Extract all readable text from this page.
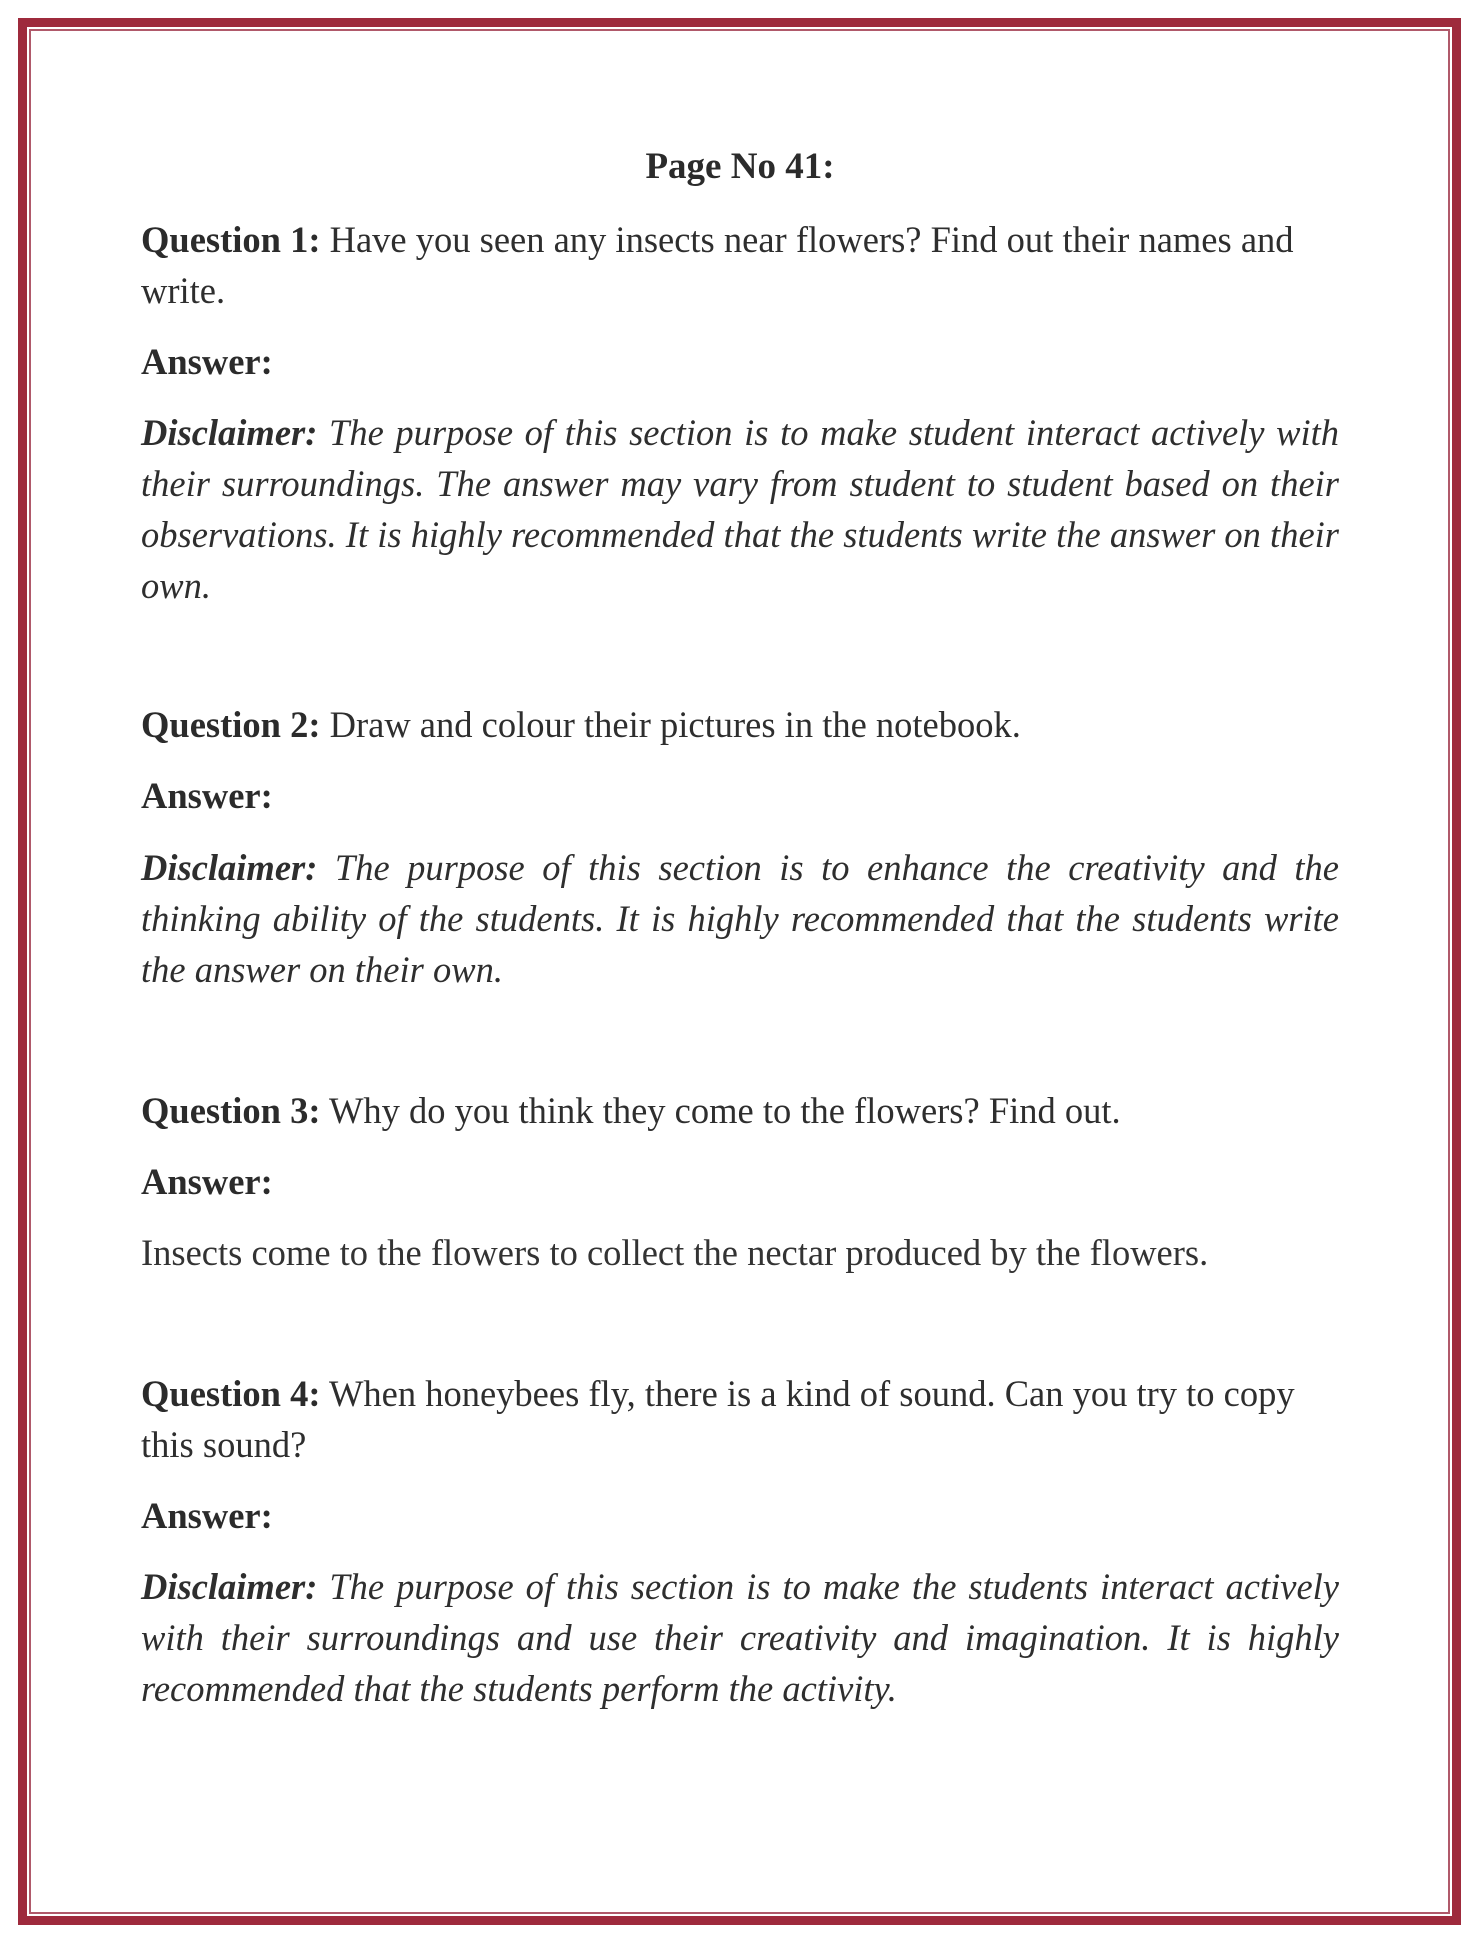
Page No 41:
Question 1: Have you seen any insects near flowers? Find out their names and write.
Answer:
Disclaimer: The purpose of this section is to make student interact actively with their surroundings. The answer may vary from student to student based on their observations. It is highly recommended that the students write the answer on their own.
Question 2: Draw and colour their pictures in the notebook.
Answer:
Disclaimer: The purpose of this section is to enhance the creativity and the thinking ability of the students. It is highly recommended that the students write the answer on their own.
Question 3: Why do you think they come to the flowers? Find out.
Answer:
Insects come to the flowers to collect the nectar produced by the flowers.
Question 4: When honeybees fly, there is a kind of sound. Can you try to copy this sound?
Answer:
Disclaimer: The purpose of this section is to make the students interact actively with their surroundings and use their creativity and imagination. It is highly recommended that the students perform the activity.
